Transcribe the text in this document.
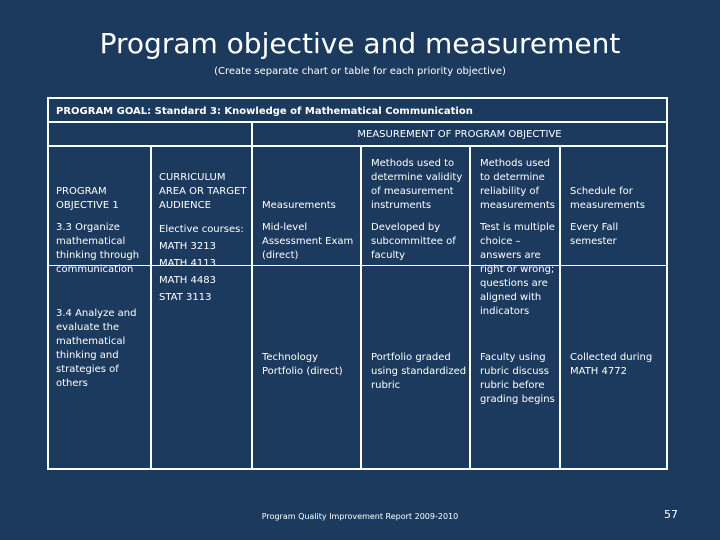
Program objective and measurement
(Create separate chart or table for each priority objective)
PROGRAM GOAL: Standard 3: Knowledge of Mathematical Communication
MEASUREMENT OF PROGRAM OBJECTIVE
PROGRAM OBJECTIVE 1
CURRICULUM AREA OR TARGET AUDIENCE	Measurements
Methods used to determine validity of measurement instruments
Methods used to determine reliability of measurements
Schedule for measurements
3.3 Organize mathematical thinking through communication
3.4 Analyze and evaluate the mathematical thinking and strategies of others
Elective courses:
MATH 3213
MATH 4113
MATH 4483
STAT 3113
Mid-level Assessment Exam (direct)
Developed by subcommittee of faculty
Test is multiple choice – answers are right or wrong; questions are aligned with indicators
Every Fall semester
Technology Portfolio (direct)
Portfolio graded using standardized rubric
Faculty using rubric discuss rubric before grading begins
Collected during MATH 4772
Program Quality Improvement Report 2009-2010	57
